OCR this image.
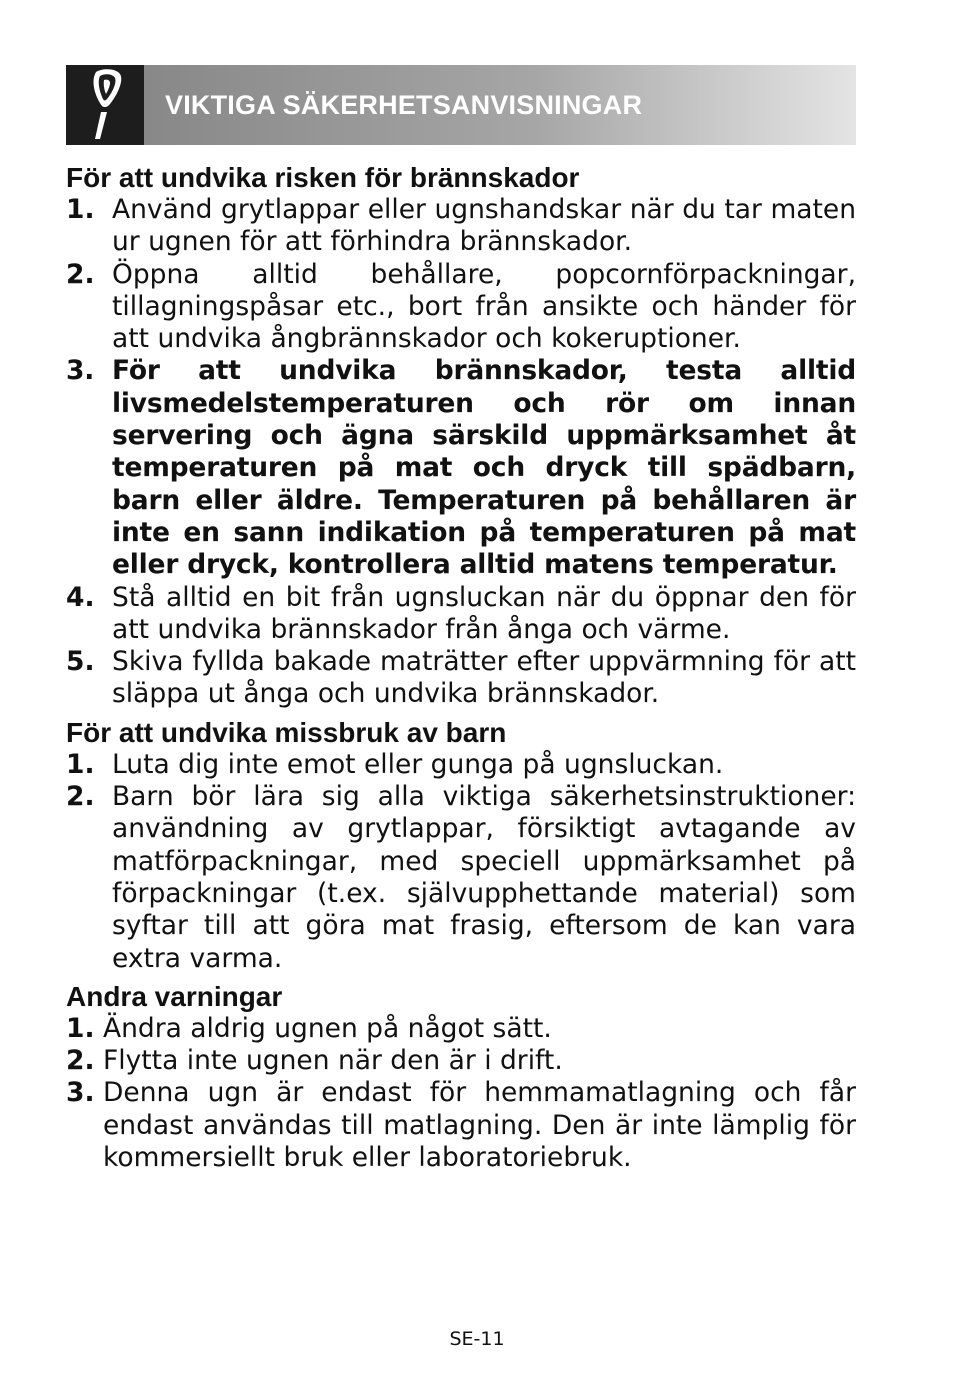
VIKTIGA SÄKERHETSANVISNINGAR
För att undvika risken för brännskador
1. Använd grytlappar eller ugnshandskar när du tar maten ur ugnen för att förhindra brännskador.
2. Öppna alltid behållare, popcornförpackningar, tillagningspåsar etc., bort från ansikte och händer för att undvika ångbrännskador och kokeruptioner.
3. För att undvika brännskador, testa alltid livsmedelstemperaturen och rör om innan servering och ägna särskild uppmärksamhet åt temperaturen på mat och dryck till spädbarn, barn eller äldre. Temperaturen på behållaren är inte en sann indikation på temperaturen på mat eller dryck, kontrollera alltid matens temperatur.
4. Stå alltid en bit från ugnsluckan när du öppnar den för att undvika brännskador från ånga och värme.
5. Skiva fyllda bakade maträtter efter uppvärmning för att släppa ut ånga och undvika brännskador.
För att undvika missbruk av barn
1. Luta dig inte emot eller gunga på ugnsluckan.
2. Barn bör lära sig alla viktiga säkerhetsinstruktioner: användning av grytlappar, försiktigt avtagande av matförpackningar, med speciell uppmärksamhet på förpackningar (t.ex. självupphettande material) som syftar till att göra mat frasig, eftersom de kan vara extra varma.
Andra varningar
1. Ändra aldrig ugnen på något sätt.
2. Flytta inte ugnen när den är i drift.
3. Denna ugn är endast för hemmamatlagning och får endast användas till matlagning. Den är inte lämplig för kommersiellt bruk eller laboratoriebruk.
SE-11
